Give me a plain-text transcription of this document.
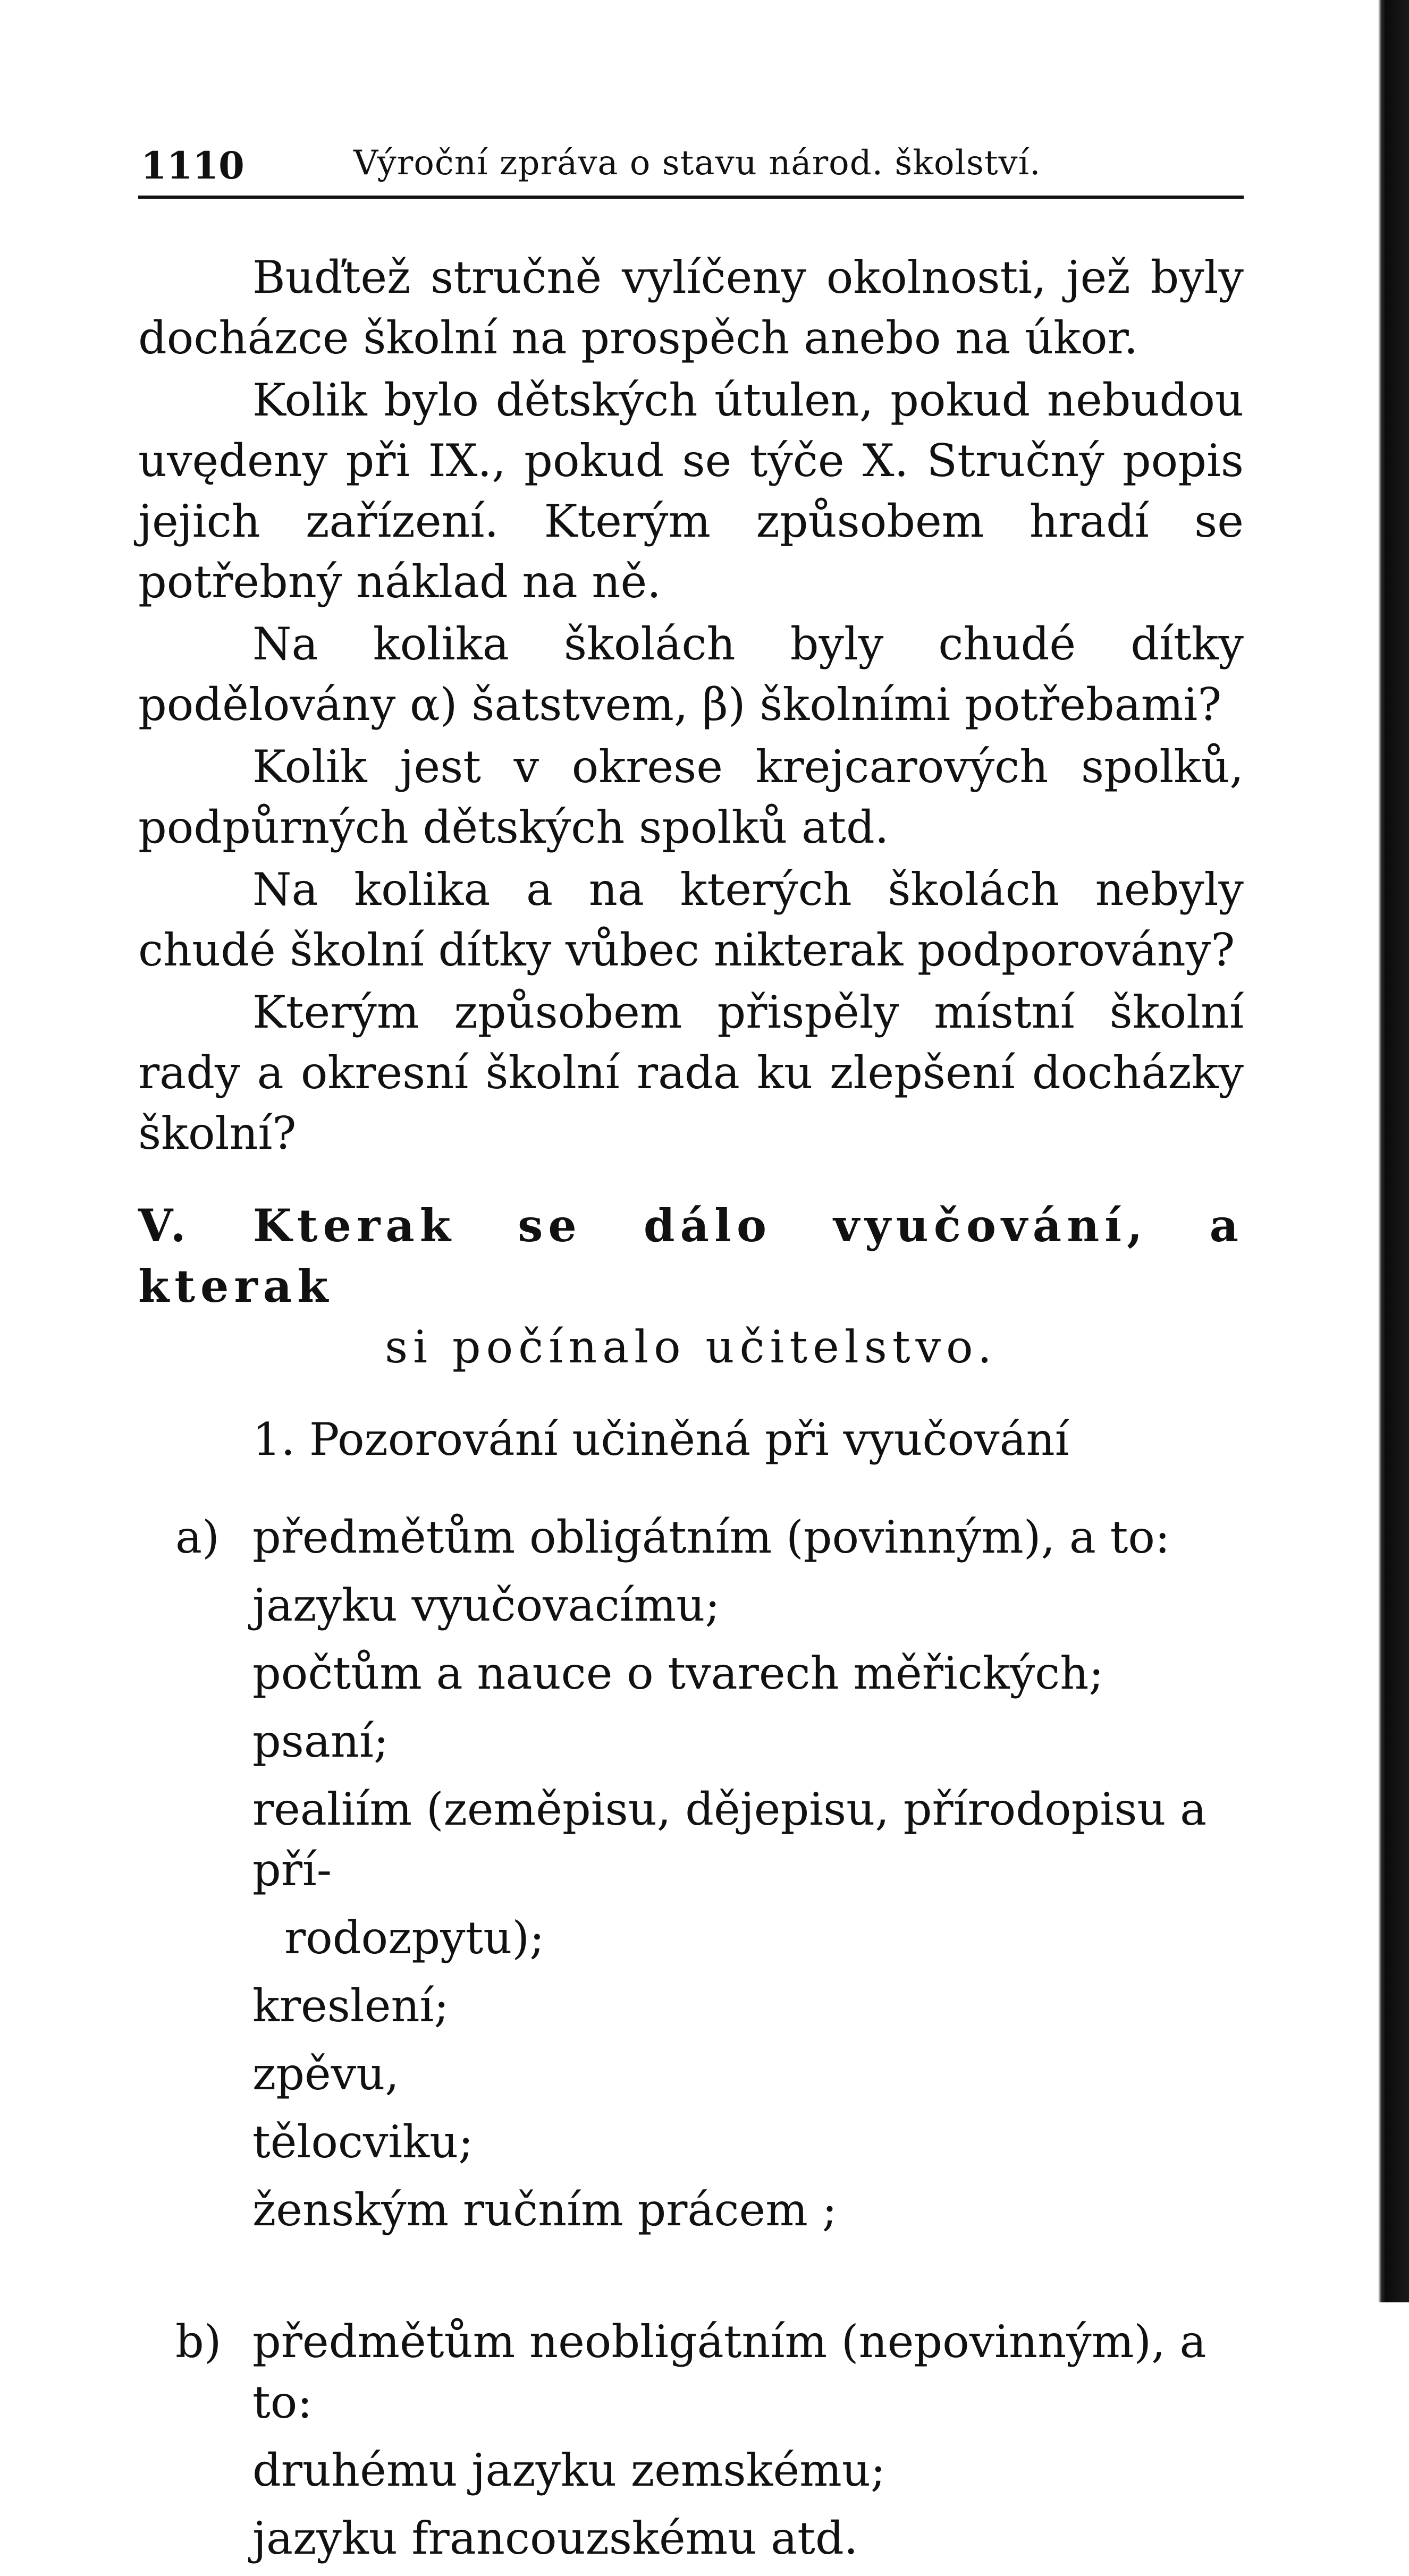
1110	Výroční zpráva o stavu národ. školství.

Buďtež stručně vylíčeny okolnosti, jež byly docházce školní na prospěch anebo na úkor.

Kolik bylo dětských útulen, pokud nebudou uvędeny při IX., pokud se týče X. Stručný popis jejich zařízení. Kterým způsobem hradí se potřebný náklad na ně.

Na kolika školách byly chudé dítky podělovány α) šatstvem, β) školními potřebami?

Kolik jest v okrese krejcarových spolků, podpůrných dětských spolků atd.

Na kolika a na kterých školách nebyly chudé školní dítky vůbec nikterak podporovány?

Kterým způsobem přispěly místní školní rady a okresní školní rada ku zlepšení docházky školní?

V. Kterak se dálo vyučování, a kterak
si počínalo učitelstvo.
1. Pozorování učiněná při vyučování
a) předmětům obligátním (povinným), a to:
jazyku vyučovacímu;
počtům a nauce o tvarech měřických;
psaní;
realiím (zeměpisu, dějepisu, přírodopisu a pří-
rodozpytu);
kreslení;
zpěvu,
tělocviku;
ženským ručním prácem ;
b) předmětům neobligátním (nepovinným), a to:
druhému jazyku zemskému;
jazyku francouzskému atd.
